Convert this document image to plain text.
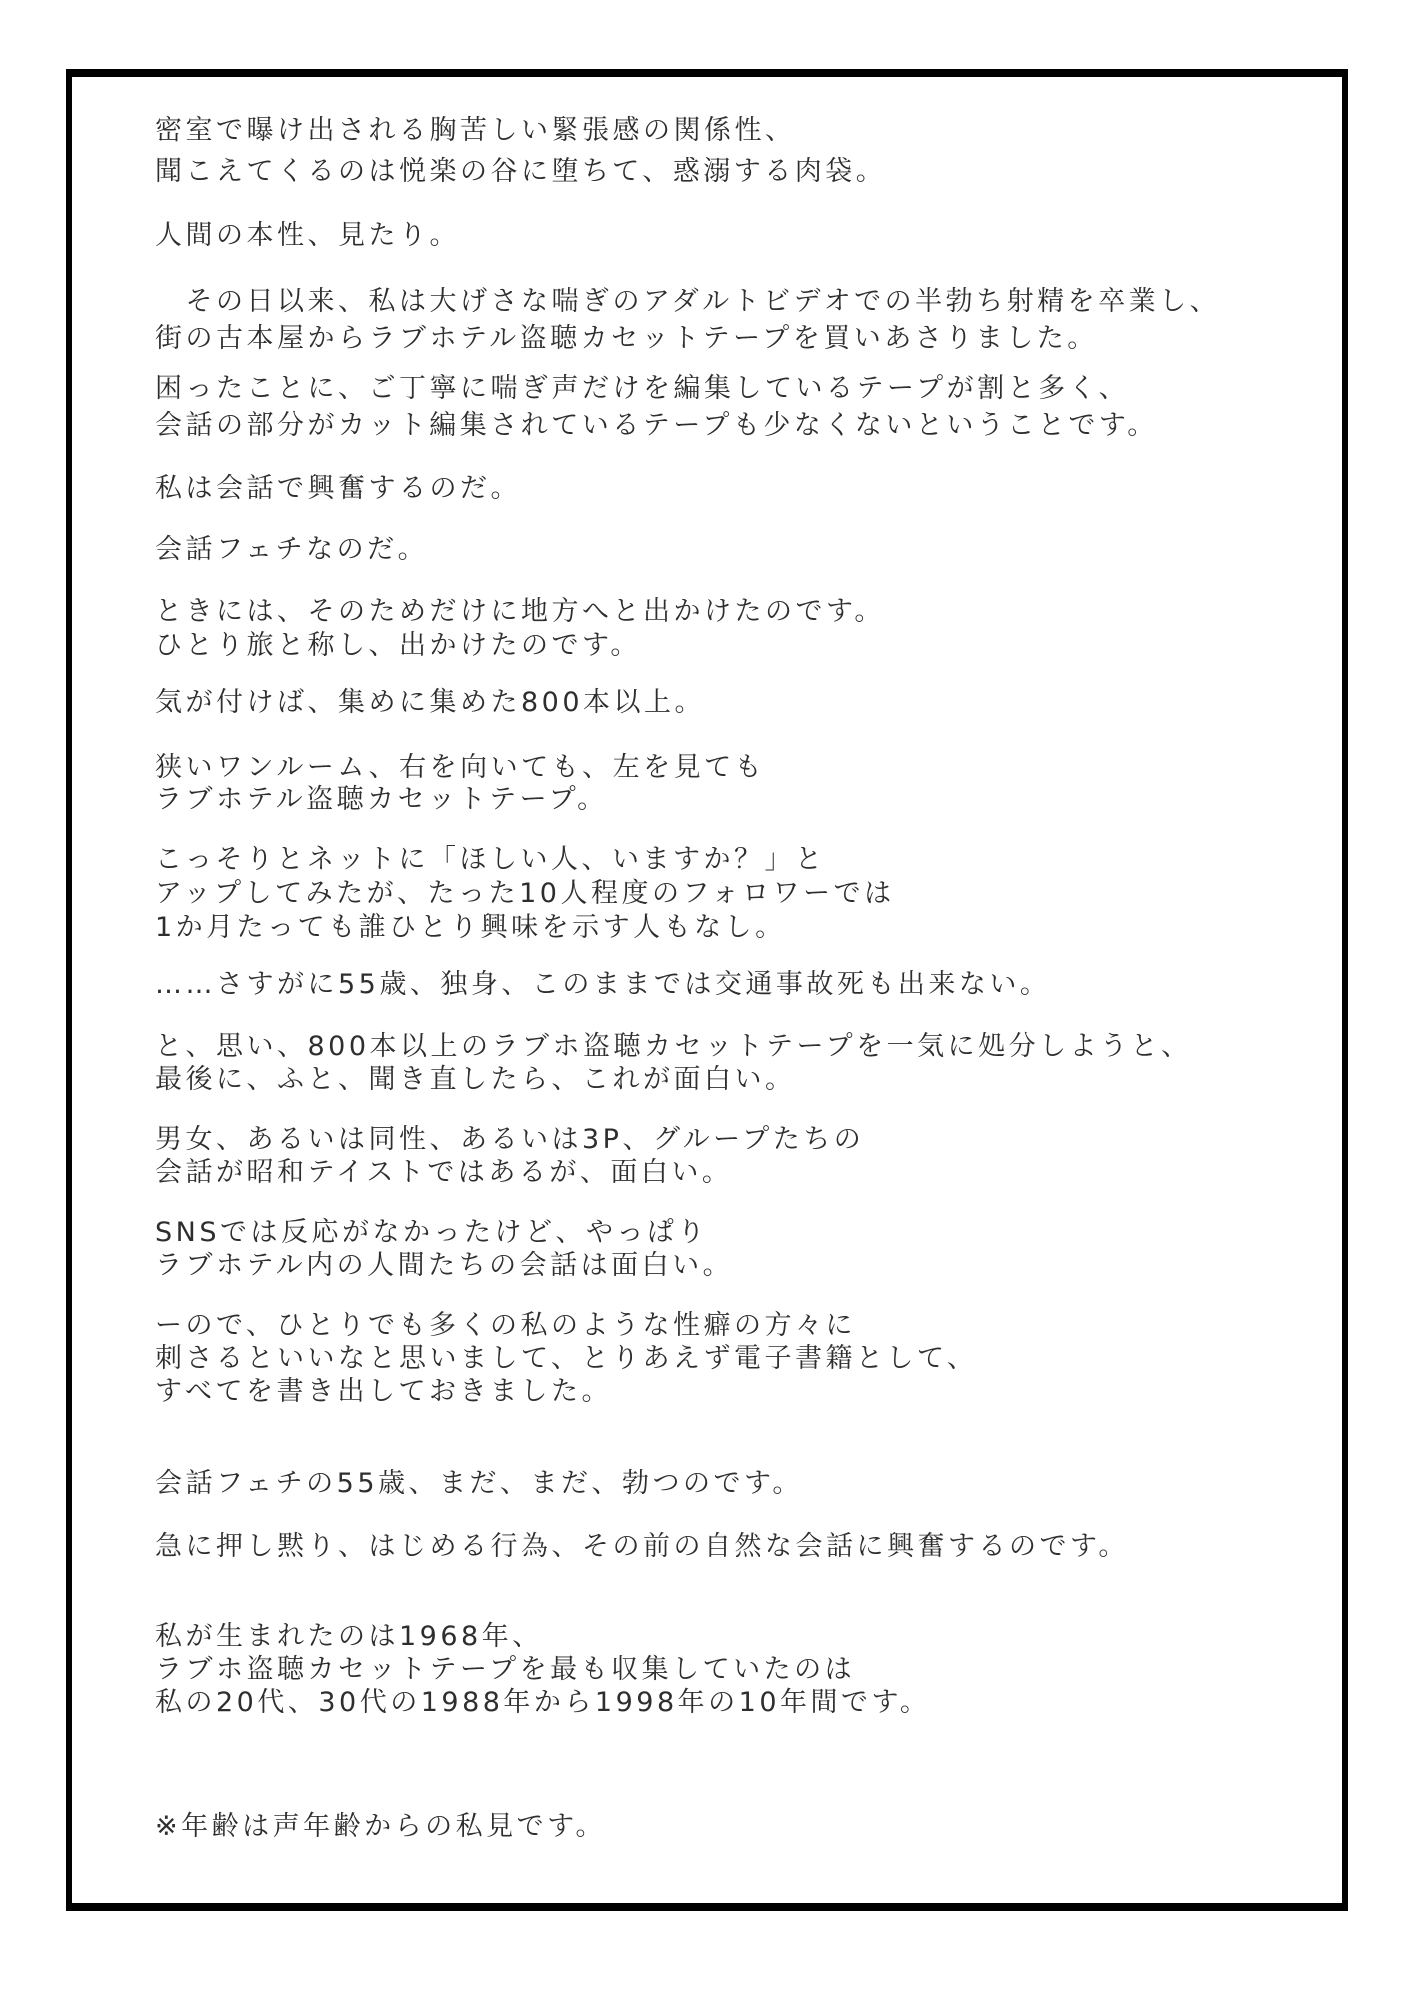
密室で曝け出される胸苦しい緊張感の関係性、
聞こえてくるのは悦楽の谷に堕ちて、惑溺する肉袋。

人間の本性、見たり。

　その日以来、私は大げさな喘ぎのアダルトビデオでの半勃ち射精を卒業し、
街の古本屋からラブホテル盗聴カセットテープを買いあさりました。

困ったことに、ご丁寧に喘ぎ声だけを編集しているテープが割と多く、
会話の部分がカット編集されているテープも少なくないということです。

私は会話で興奮するのだ。

会話フェチなのだ。

ときには、そのためだけに地方へと出かけたのです。
ひとり旅と称し、出かけたのです。

気が付けば、集めに集めた800本以上。

狭いワンルーム、右を向いても、左を見ても
ラブホテル盗聴カセットテープ。

こっそりとネットに「ほしい人、いますか？」と
アップしてみたが、たった10人程度のフォロワーでは
1か月たっても誰ひとり興味を示す人もなし。

……さすがに55歳、独身、このままでは交通事故死も出来ない。

と、思い、800本以上のラブホ盗聴カセットテープを一気に処分しようと、
最後に、ふと、聞き直したら、これが面白い。

男女、あるいは同性、あるいは3P、グループたちの
会話が昭和テイストではあるが、面白い。

SNSでは反応がなかったけど、やっぱり
ラブホテル内の人間たちの会話は面白い。

ーので、ひとりでも多くの私のような性癖の方々に
刺さるといいなと思いまして、とりあえず電子書籍として、
すべてを書き出しておきました。

会話フェチの55歳、まだ、まだ、勃つのです。

急に押し黙り、はじめる行為、その前の自然な会話に興奮するのです。

私が生まれたのは1968年、
ラブホ盗聴カセットテープを最も収集していたのは
私の20代、30代の1988年から1998年の10年間です。

※年齢は声年齢からの私見です。
